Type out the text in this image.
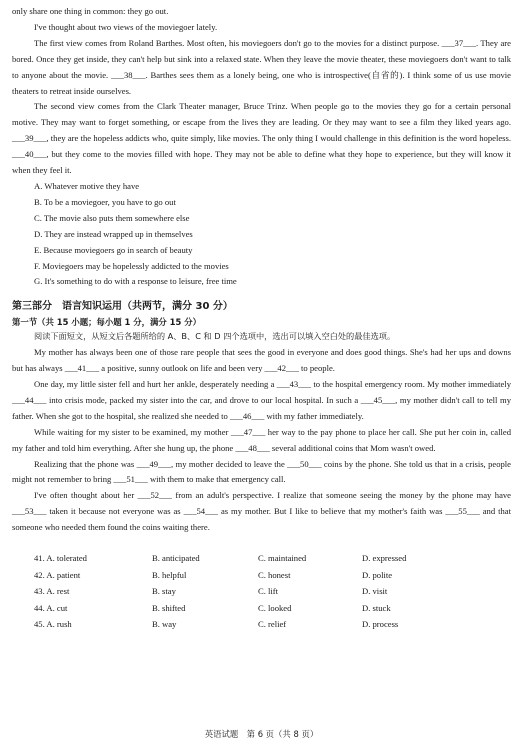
only share one thing in common: they go out.

I've thought about two views of the moviegoer lately.

The first view comes from Roland Barthes. Most often, his moviegoers don't go to the movies for a distinct purpose. ___37___. They are bored. Once they get inside, they can't help but sink into a relaxed state. When they leave the movie theater, these moviegoers don't want to talk to anyone about the movie. ___38___. Barthes sees them as a lonely being, one who is introspective(自省的). I think some of us use movie theaters to retreat inside ourselves.

The second view comes from the Clark Theater manager, Bruce Trinz. When people go to the movies they go for a certain personal motive. They may want to forget something, or escape from the lives they are leading. Or they may want to see a film they liked years ago. ___39___, they are the hopeless addicts who, quite simply, like movies. The only thing I would challenge in this definition is the word hopeless. ___40___, but they come to the movies filled with hope. They may not be able to define what they hope to experience, but they will know it when they feel it.

A. Whatever motive they have

B. To be a moviegoer, you have to go out

C. The movie also puts them somewhere else

D. They are instead wrapped up in themselves

E. Because moviegoers go in search of beauty

F. Moviegoers may be hopelessly addicted to the movies

G. It's something to do with a response to leisure, free time

第三部分　语言知识运用（共两节，满分 30 分）
第一节（共 15 小题；每小题 1 分，满分 15 分）
阅读下面短文，从短文后各题所给的 A、B、C 和 D 四个选项中，选出可以填入空白处的最佳选项。

My mother has always been one of those rare people that sees the good in everyone and does good things. She's had her ups and downs but has always ___41___ a positive, sunny outlook on life and been very ___42___ to people.

One day, my little sister fell and hurt her ankle, desperately needing a ___43___ to the hospital emergency room. My mother immediately ___44___ into crisis mode, packed my sister into the car, and drove to our local hospital. In such a ___45___, my mother didn't call to tell my father. When she got to the hospital, she realized she needed to ___46___ with my father immediately.

While waiting for my sister to be examined, my mother ___47___ her way to the pay phone to place her call. She put her coin in, called my father and told him everything. After she hung up, the phone ___48___ several additional coins that Mom wasn't owed.

Realizing that the phone was ___49___, my mother decided to leave the ___50___ coins by the phone. She told us that in a crisis, people might not remember to bring ___51___ with them to make that emergency call.

I've often thought about her ___52___ from an adult's perspective. I realize that someone seeing the money by the phone may have ___53___ taken it because not everyone was as ___54___ as my mother. But I like to believe that my mother's faith was ___55___ and that someone who needed them found the coins waiting there.

41. A. tolerated	B. anticipated	C. maintained	D. expressed
42. A. patient	B. helpful	C. honest	D. polite
43. A. rest	B. stay	C. lift	D. visit
44. A. cut	B. shifted	C. looked	D. stuck
45. A. rush	B. way	C. relief	D. process
英语试题　第 6 页（共 8 页）
